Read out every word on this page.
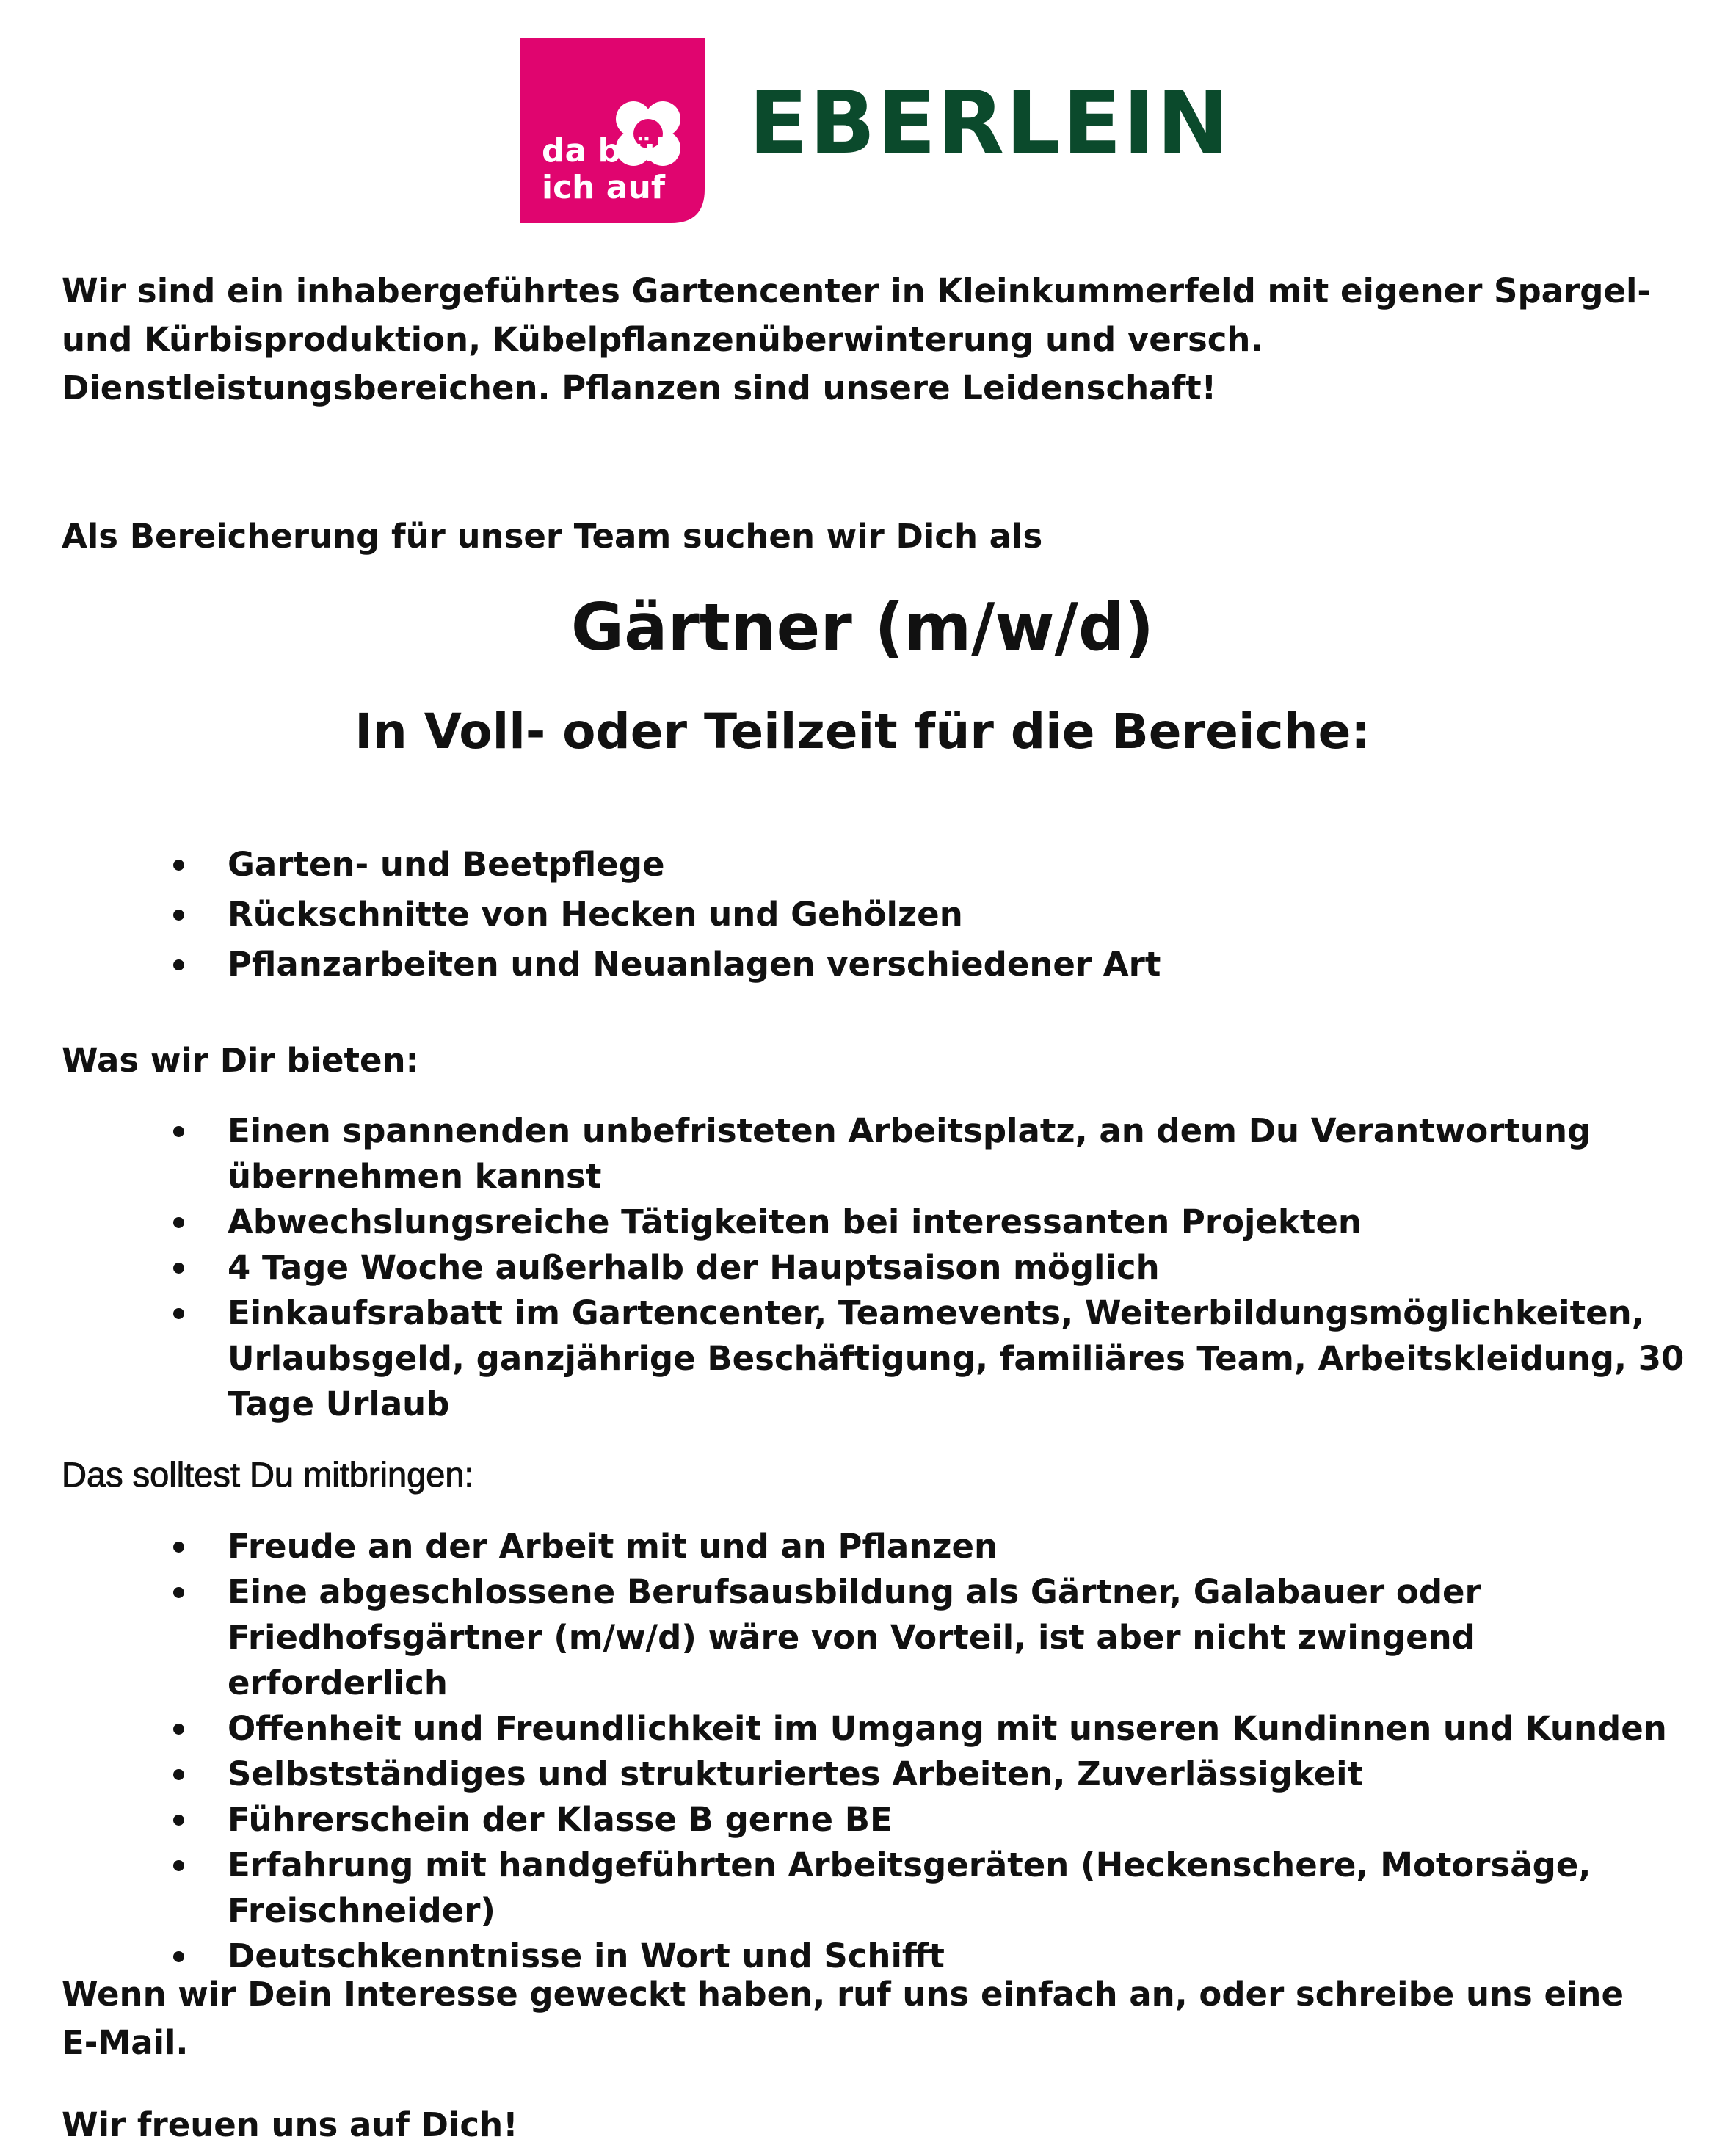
da blüh
ich auf
EBERLEIN
Wir sind ein inhabergeführtes Gartencenter in Kleinkummerfeld mit eigener Spargel- und Kürbisproduktion, Kübelpflanzenüberwinterung und versch. Dienstleistungsbereichen. Pflanzen sind unsere Leidenschaft!
Als Bereicherung für unser Team suchen wir Dich als
Gärtner (m/w/d)
In Voll- oder Teilzeit für die Bereiche:
Garten- und Beetpflege
Rückschnitte von Hecken und Gehölzen
Pflanzarbeiten und Neuanlagen verschiedener Art
Was wir Dir bieten:
Einen spannenden unbefristeten Arbeitsplatz, an dem Du Verantwortung übernehmen kannst
Abwechslungsreiche Tätigkeiten bei interessanten Projekten
4 Tage Woche außerhalb der Hauptsaison möglich
Einkaufsrabatt im Gartencenter, Teamevents, Weiterbildungsmöglichkeiten, Urlaubsgeld, ganzjährige Beschäftigung, familiäres Team, Arbeitskleidung, 30 Tage Urlaub
Das solltest Du mitbringen:
Freude an der Arbeit mit und an Pflanzen
Eine abgeschlossene Berufsausbildung als Gärtner, Galabauer oder Friedhofsgärtner (m/w/d) wäre von Vorteil, ist aber nicht zwingend erforderlich
Offenheit und Freundlichkeit im Umgang mit unseren Kundinnen und Kunden
Selbstständiges und strukturiertes Arbeiten, Zuverlässigkeit
Führerschein der Klasse B gerne BE
Erfahrung mit handgeführten Arbeitsgeräten (Heckenschere, Motorsäge, Freischneider)
Deutschkenntnisse in Wort und Schifft
Wenn wir Dein Interesse geweckt haben, ruf uns einfach an, oder schreibe uns eine E-Mail.
Wir freuen uns auf Dich!
